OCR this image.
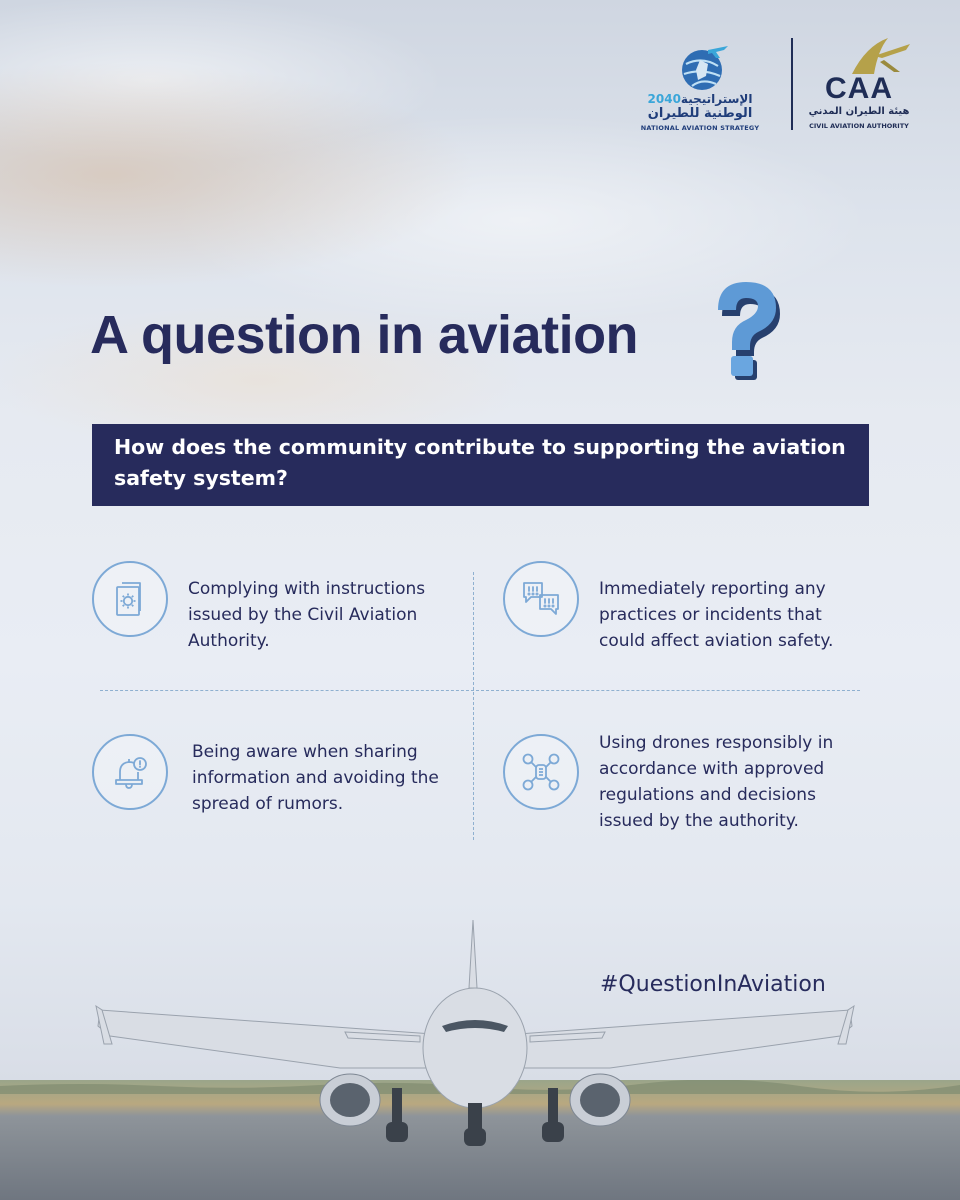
الإستراتيجية2040
الوطنية للطيران
NATIONAL AVIATION STRATEGY
CAA
هيئة الطيران المدني
CIVIL AVIATION AUTHORITY
A question in aviation

How does the community contribute to supporting the aviation safety system?

Complying with instructions issued by the Civil Aviation Authority.

Immediately reporting any practices or incidents that could affect aviation safety.

Being aware when sharing information and avoiding the spread of rumors.

Using drones responsibly in accordance with approved regulations and decisions issued by the authority.

#QuestionInAviation
